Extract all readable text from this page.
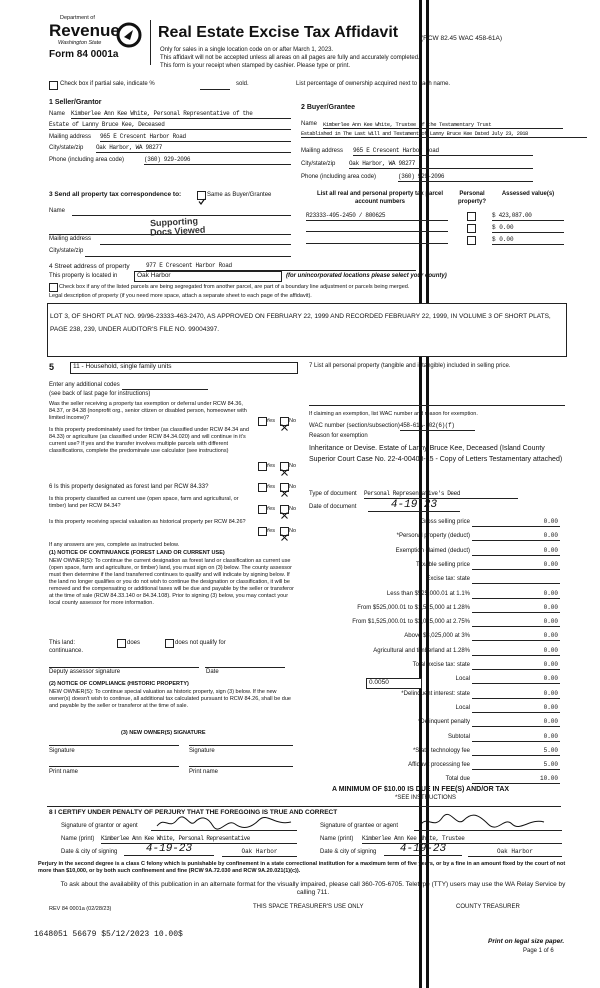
Department of
Revenue
Washington State
Form 84 0001a
Real Estate Excise Tax Affidavit	(RCW 82.45 WAC 458-61A)
Only for sales in a single location code on or after March 1, 2023.
This affidavit will not be accepted unless all areas on all pages are fully and accurately completed.
This form is your receipt when stamped by cashier. Please type or print.
Check box if partial sale, indicate %	sold.	List percentage of ownership acquired next to each name.
1 Seller/Grantor
Name Kimberlee Ann Kee White, Personal Representative of the
Estate of Lanny Bruce Kee, Deceased
Mailing address 965 E Crescent Harbor Road
City/state/zip Oak Harbor, WA 98277
Phone (including area code)	(360) 929-2096
2 Buyer/Grantee
Name Kimberlee Ann Kee White, Trustee of the Testamentary Trust
Established in The Last Will and Testament of Lanny Bruce Kee Dated July 23, 2018
Mailing address 965 E Crescent Harbor Road
City/state/zip Oak Harbor, WA 98277
Phone (including area code)	(360) 929-2096
3 Send all property tax correspondence to:	Same as Buyer/Grantee
Name
Supporting
Docs Viewed
Mailing address
City/state/zip
List all real and personal property tax parcel account numbers
Personal property?
Assessed value(s)
R23333-495-2450 / 800625	$ 423,087.00
$ 0.00
$ 0.00
4 Street address of property	977 E Crescent Harbor Road
This property is located in	Oak Harbor	(for unincorporated locations please select your county)
Check box if any of the listed parcels are being segregated from another parcel, are part of a boundary line adjustment or parcels being merged.
Legal description of property (if you need more space, attach a separate sheet to each page of the affidavit).
LOT 3, OF SHORT PLAT NO. 99/96-23333-463-2470, AS APPROVED ON FEBRUARY 22, 1999 AND RECORDED FEBRUARY 22, 1999, IN VOLUME 3 OF SHORT PLATS, PAGE 238, 239, UNDER AUDITOR'S FILE NO. 99004397.
5	11 - Household, single family units
Enter any additional codes
(see back of last page for instructions)
Was the seller receiving a property tax exemption or deferral under RCW 84.36, 84.37, or 84.38 (nonprofit org., senior citizen or disabled person, homeowner with limited income)?	Yes	No
Is this property predominately used for timber (as classified under RCW 84.34 and 84.33) or agriculture (as classified under RCW 84.34.020) and will continue in it's current use? If yes and the transfer involves multiple parcels with different classifications, complete the predominate use calculator (see instructions)
Yes	No
6 Is this property designated as forest land per RCW 84.33?	Yes	No
Is this property classified as current use (open space, farm and agricultural, or timber) land per RCW 84.34?	Yes	No
Is this property receiving special valuation as historical property per RCW 84.26?
Yes	No
If any answers are yes, complete as instructed below.
(1) NOTICE OF CONTINUANCE (FOREST LAND OR CURRENT USE)
NEW OWNER(S): To continue the current designation as forest land or classification as current use (open space, farm and agriculture, or timber) land, you must sign on (3) below. The county assessor must then determine if the land transferred continues to qualify and will indicate by signing below. If the land no longer qualifies or you do not wish to continue the designation or classification, it will be removed and the compensating or additional taxes will be due and payable by the seller or transferor at the time of sale (RCW 84.33.140 or 84.34.108). Prior to signing (3) below, you may contact your local county assessor for more information.
This land:	does	does not qualify for
continuance.
Deputy assessor signature	Date
(2) NOTICE OF COMPLIANCE (HISTORIC PROPERTY)
NEW OWNER(S): To continue special valuation as historic property, sign (3) below. If the new owner(s) doesn't wish to continue, all additional tax calculated pursuant to RCW 84.26, shall be due and payable by the seller or transferor at the time of sale.
(3) NEW OWNER(S) SIGNATURE
Signature	Signature
Print name	Print name
7 List all personal property (tangible and intangible) included in selling price.
If claiming an exemption, list WAC number and reason for exemption.
WAC number (section/subsection) 458-61A-202(6)(f)
Reason for exemption
Inheritance or Devise. Estate of Lanny Bruce Kee, Deceased (Island County Superior Court Case No. 22-4-00408-15 - Copy of Letters Testamentary attached)
Type of document Personal Representative's Deed
Date of document	4-19-23
Gross selling price	0.00
*Personal property (deduct)	0.00
Exemption claimed (deduct)	0.00
Taxable selling price	0.00
Excise tax: state
Less than $525,000.01 at 1.1%	0.00
From $525,000.01 to $1,525,000 at 1.28%	0.00
From $1,525,000.01 to $3,025,000 at 2.75%	0.00
Above $3,025,000 at 3%	0.00
Agricultural and timberland at 1.28%	0.00
Total excise tax: state	0.00
Local	0.00
*Delinquent interest: state	0.00
Local	0.00
*Delinquent penalty	0.00
Subtotal	0.00
*State technology fee	5.00
Affidavit processing fee	5.00
Total due	10.00
0.0050
A MINIMUM OF $10.00 IS DUE IN FEE(S) AND/OR TAX
*SEE INSTRUCTIONS
8 I CERTIFY UNDER PENALTY OF PERJURY THAT THE FOREGOING IS TRUE AND CORRECT
Signature of grantor or agent	Signature of grantee or agent
Name (print) Kimberlee Ann Kee White, Personal Representative	Name (print) Kimberlee Ann Kee White, Trustee
Date & city of signing	4-19-23	Oak Harbor	Date & city of signing	4-19-23	Oak Harbor
Perjury in the second degree is a class C felony which is punishable by confinement in a state correctional institution for a maximum term of five years, or by a fine in an amount fixed by the court of not more than $10,000, or by both such confinement and fine (RCW 9A.72.030 and RCW 9A.20.021(1)(c)).
To ask about the availability of this publication in an alternate format for the visually impaired, please call 360-705-6705. Teletype (TTY) users may use the WA Relay Service by calling 711.
REV 84 0001a (02/28/23)	THIS SPACE TREASURER'S USE ONLY	COUNTY TREASURER
1648051 56679 $5/12/2023 10.00$
Print on legal size paper.
Page 1 of 6
